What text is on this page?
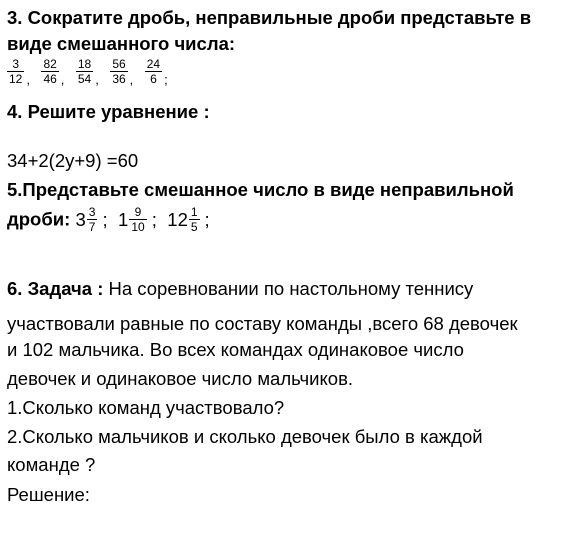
3. Сократите дробь, неправильные дроби представьте в
виде смешанного числа:
$\frac{3}{12} _, \frac{82}{46} _, \frac{18}{54} _, \frac{56}{36} _, \frac{24}{6} _;$
4. Решите уравнение :
34+2(2y+9) =60
5.Представьте смешанное число в виде неправильной
дроби: $3 \frac{3}{7}$ ; $1 \frac{9}{10}$ ; $12 \frac{1}{5}$ ;
6. Задача : На соревновании по настольному теннису
участвовали равные по составу команды ,всего 68 девочек
и 102 мальчика. Во всех командах одинаковое число
девочек и одинаковое число мальчиков.
1.Сколько команд участвовало?
2.Сколько мальчиков и сколько девочек было в каждой
команде ?
Решение:
